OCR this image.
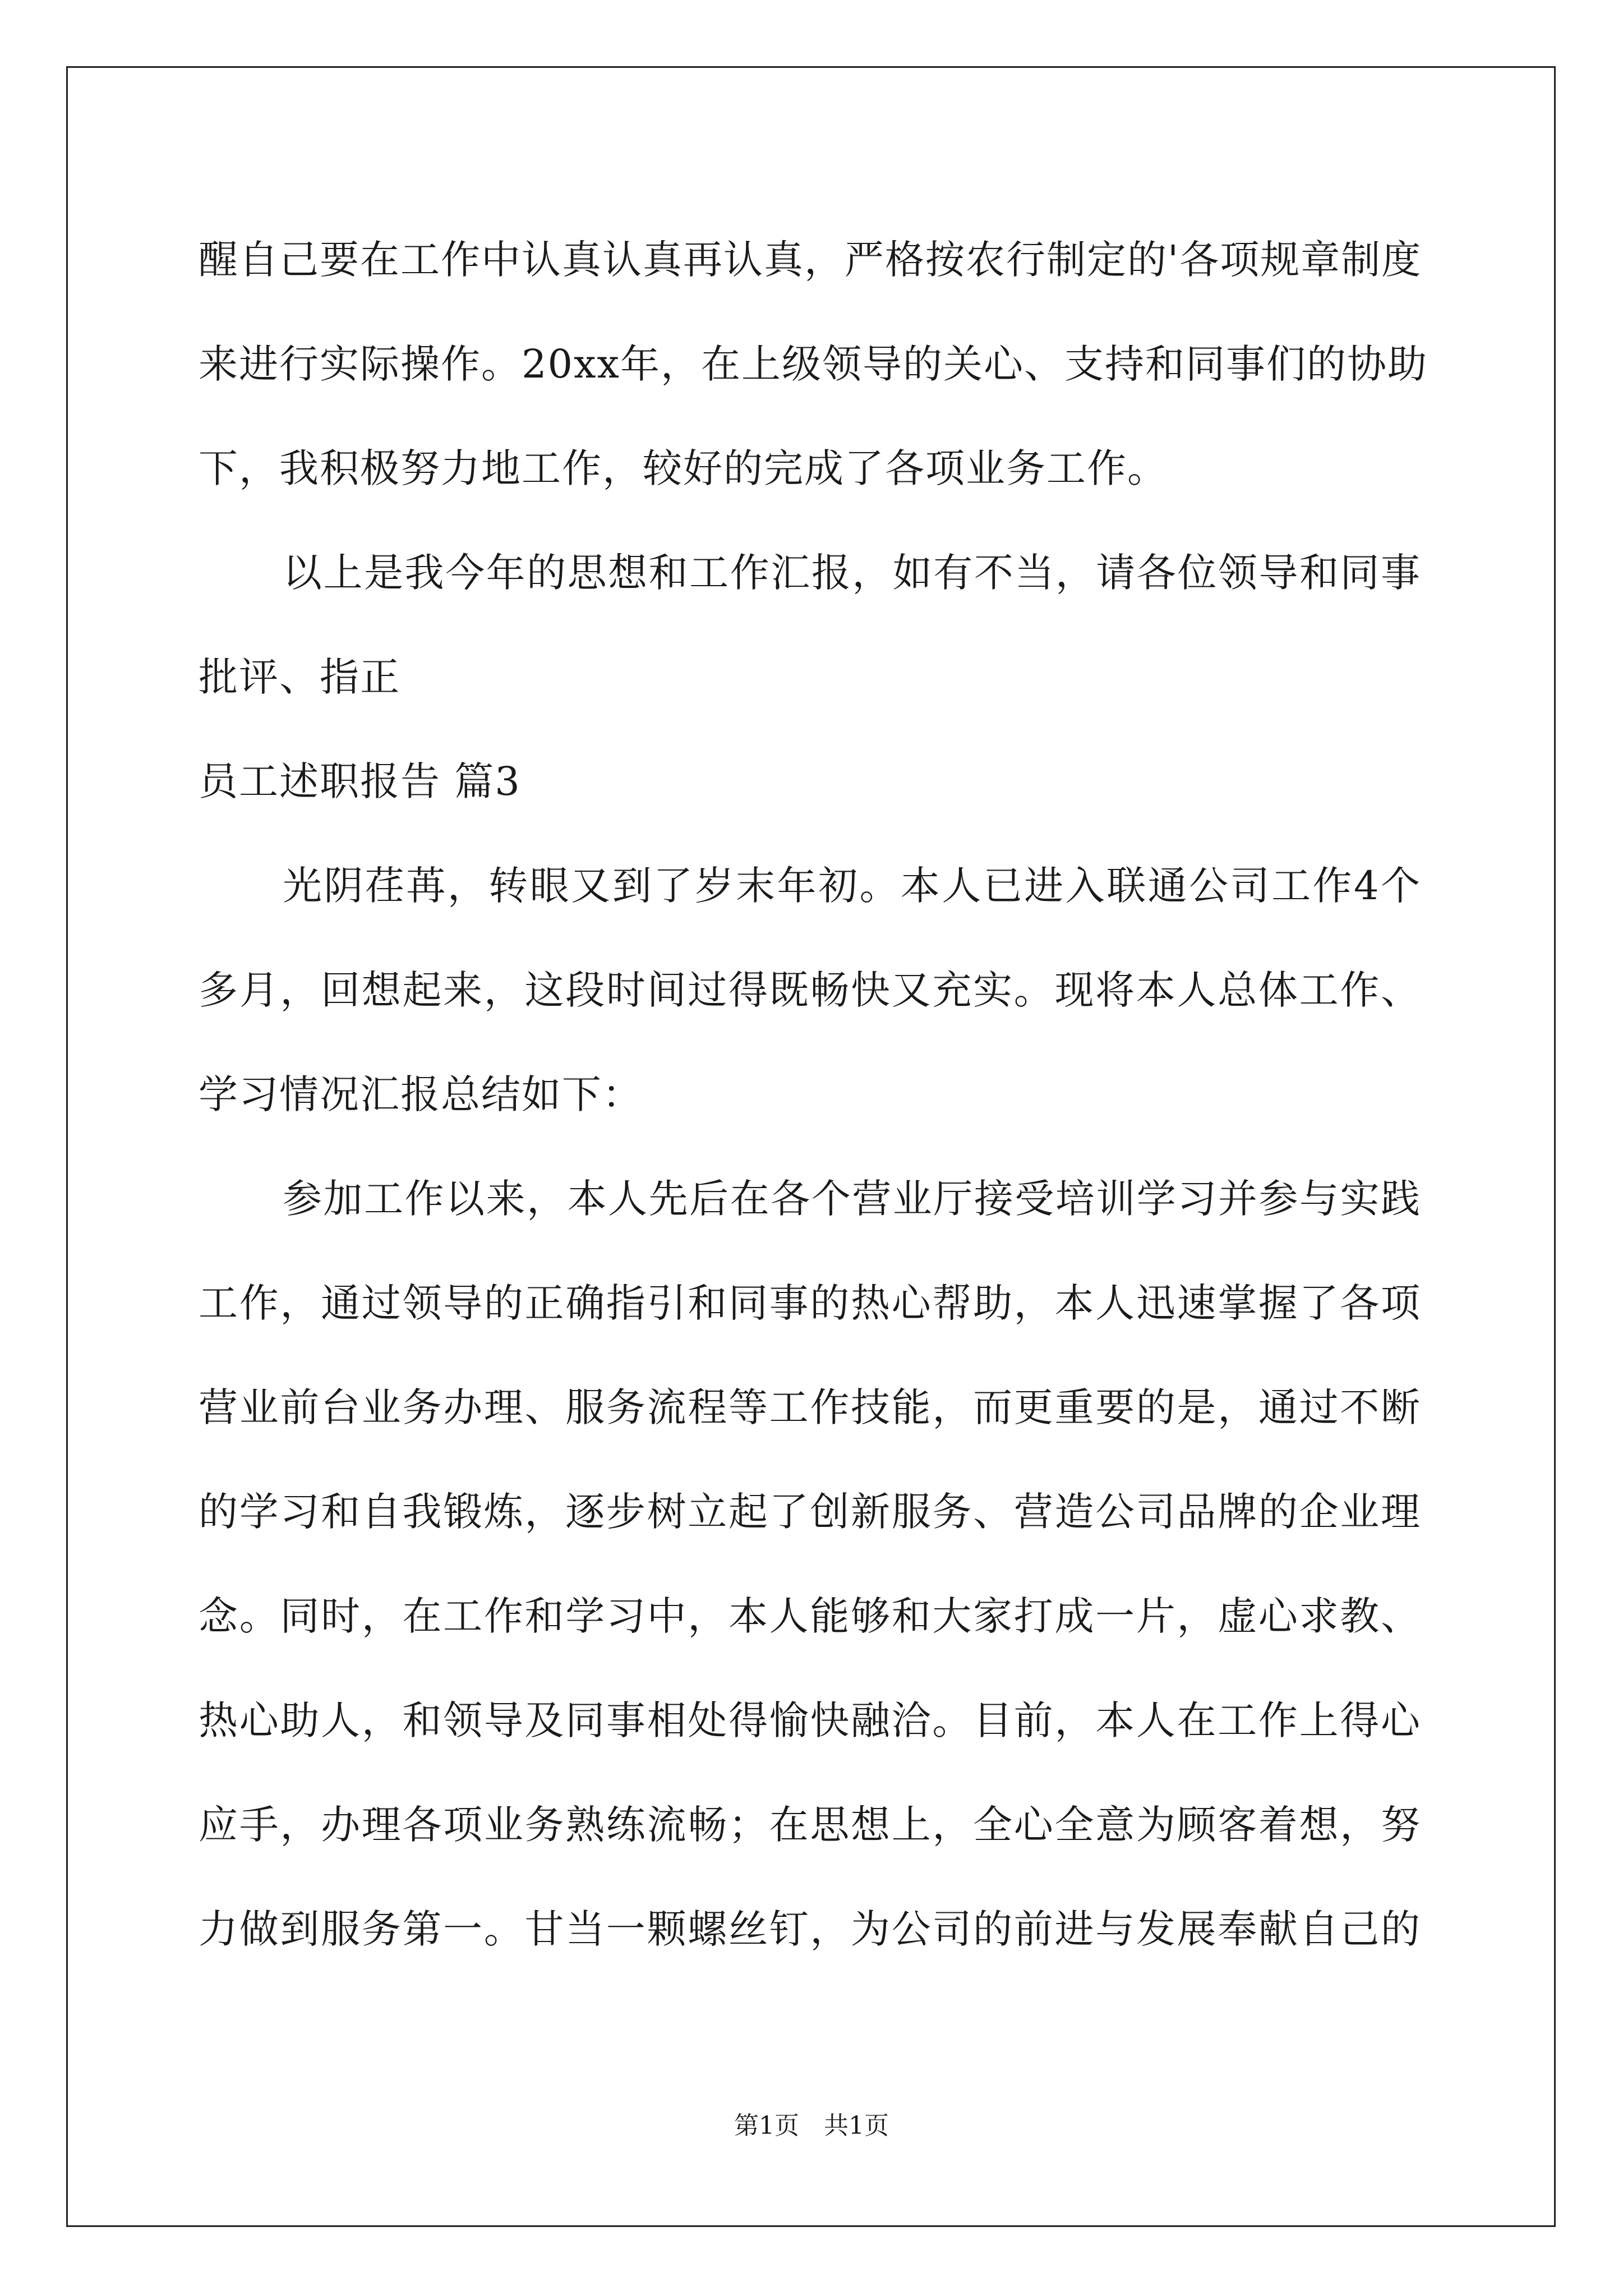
醒自己要在工作中认真认真再认真，严格按农行制定的'各项规章制度
来进行实际操作。20xx年，在上级领导的关心、支持和同事们的协助
下，我积极努力地工作，较好的完成了各项业务工作。
以上是我今年的思想和工作汇报，如有不当，请各位领导和同事
批评、指正
员工述职报告 篇3
光阴荏苒，转眼又到了岁末年初。本人已进入联通公司工作4个
多月，回想起来，这段时间过得既畅快又充实。现将本人总体工作、
学习情况汇报总结如下：
参加工作以来，本人先后在各个营业厅接受培训学习并参与实践
工作，通过领导的正确指引和同事的热心帮助，本人迅速掌握了各项
营业前台业务办理、服务流程等工作技能，而更重要的是，通过不断
的学习和自我锻炼，逐步树立起了创新服务、营造公司品牌的企业理
念。同时，在工作和学习中，本人能够和大家打成一片，虚心求教、
热心助人，和领导及同事相处得愉快融洽。目前，本人在工作上得心
应手，办理各项业务熟练流畅；在思想上，全心全意为顾客着想，努
力做到服务第一。甘当一颗螺丝钉，为公司的前进与发展奉献自己的
第1页　共1页
